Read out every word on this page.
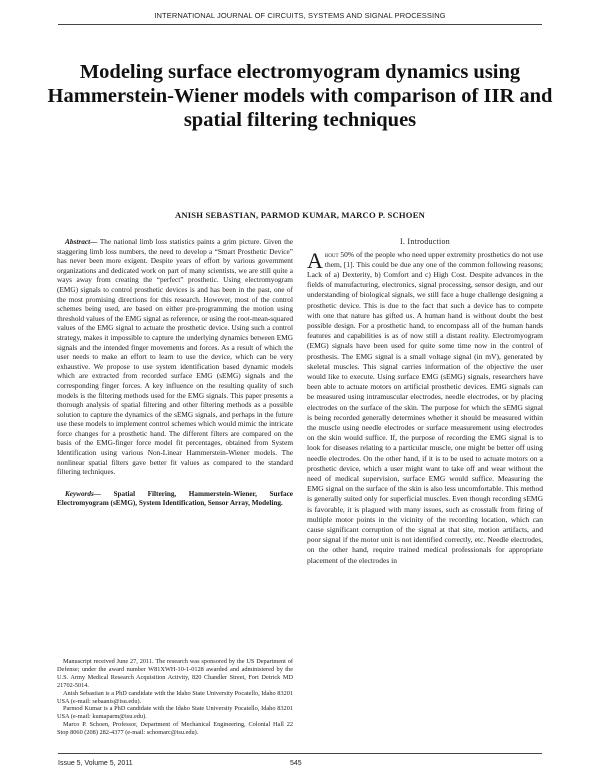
INTERNATIONAL JOURNAL OF CIRCUITS, SYSTEMS AND SIGNAL PROCESSING
Modeling surface electromyogram dynamics using Hammerstein-Wiener models with comparison of IIR and spatial filtering techniques
ANISH SEBASTIAN, PARMOD KUMAR, MARCO P. SCHOEN
Abstract— The national limb loss statistics paints a grim picture. Given the staggering limb loss numbers, the need to develop a “Smart Prosthetic Device” has never been more exigent. Despite years of effort by various government organizations and dedicated work on part of many scientists, we are still quite a ways away from creating the “perfect” prosthetic. Using electromyogram (EMG) signals to control prosthetic devices is and has been in the past, one of the most promising directions for this research. However, most of the control schemes being used, are based on either pre-programming the motion using threshold values of the EMG signal as reference, or using the root-mean-squared values of the EMG signal to actuate the prosthetic device. Using such a control strategy, makes it impossible to capture the underlying dynamics between EMG signals and the intended finger movements and forces. As a result of which the user needs to make an effort to learn to use the device, which can be very exhaustive. We propose to use system identification based dynamic models which are extracted from recorded surface EMG (sEMG) signals and the corresponding finger forces. A key influence on the resulting quality of such models is the filtering methods used for the EMG signals. This paper presents a thorough analysis of spatial filtering and other filtering methods as a possible solution to capture the dynamics of the sEMG signals, and perhaps in the future use these models to implement control schemes which would mimic the intricate force changes for a prosthetic hand. The different filters are compared on the basis of the EMG-finger force model fit percentages, obtained from System Identification using various Non-Linear Hammerstein-Wiener models. The nonlinear spatial filters gave better fit values as compared to the standard filtering techniques.
Keywords— Spatial Filtering, Hammerstein-Wiener, Surface Electromyogram (sEMG), System Identification, Sensor Array, Modeling.

Manuscript received June 27, 2011. The research was sponsored by the US Department of Defense; under the award number W81XWH-10-1-0128 awarded and administered by the U.S. Army Medical Research Acquisition Activity, 820 Chandler Street, Fort Detrick MD 21702-5014.

Anish Sebastian is a PhD candidate with the Idaho State University Pocatello, Idaho 83201 USA (e-mail: sebaanis@isu.edu).

Parmod Kumar is a PhD candidate with the Idaho State University Pocatello, Idaho 83201 USA (e-mail: kumaparm@isu.edu).

Marco P. Schoen, Professor, Department of Mechanical Engineering, Colonial Hall 22 Stop 8060 (208) 282-4377 (e-mail: schomarc@isu.edu).

I. Introduction
About 50% of the people who need upper extremity prosthetics do not use them, [1]. This could be due any one of the common following reasons; Lack of a) Dexterity, b) Comfort and c) High Cost. Despite advances in the fields of manufacturing, electronics, signal processing, sensor design, and our understanding of biological signals, we still face a huge challenge designing a prosthetic device. This is due to the fact that such a device has to compete with one that nature has gifted us. A human hand is without doubt the best possible design. For a prosthetic hand, to encompass all of the human hands features and capabilities is as of now still a distant reality. Electromyogram (EMG) signals have been used for quite some time now in the control of prosthesis. The EMG signal is a small voltage signal (in mV), generated by skeletal muscles. This signal carries information of the objective the user would like to execute. Using surface EMG (sEMG) signals, researchers have been able to actuate motors on artificial prosthetic devices. EMG signals can be measured using intramuscular electrodes, needle electrodes, or by placing electrodes on the surface of the skin. The purpose for which the sEMG signal is being recorded generally determines whether it should be measured within the muscle using needle electrodes or surface measurement using electrodes on the skin would suffice. If, the purpose of recording the EMG signal is to look for diseases relating to a particular muscle, one might be better off using needle electrodes. On the other hand, if it is to be used to actuate motors on a prosthetic device, which a user might want to take off and wear without the need of medical supervision, surface EMG would suffice. Measuring the EMG signal on the surface of the skin is also less uncomfortable. This method is generally suited only for superficial muscles. Even though recording sEMG is favorable, it is plagued with many issues, such as crosstalk from firing of multiple motor points in the vicinity of the recording location, which can cause significant corruption of the signal at that site, motion artifacts, and poor signal if the motor unit is not identified correctly, etc. Needle electrodes, on the other hand, require trained medical professionals for appropriate placement of the electrodes in
Issue 5, Volume 5, 2011	545
